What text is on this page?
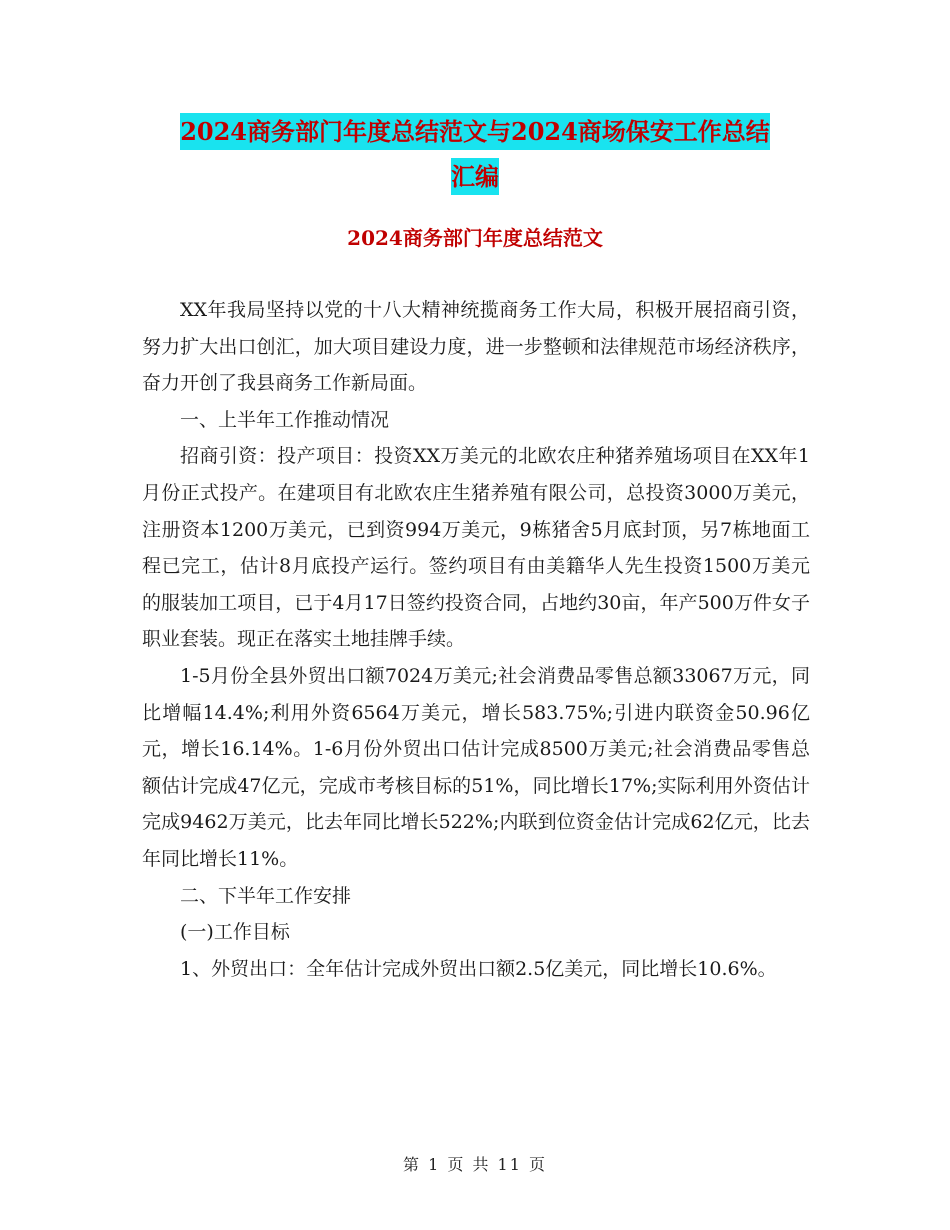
2024商务部门年度总结范文与2024商场保安工作总结
汇编
2024商务部门年度总结范文

XX年我局坚持以党的十八大精神统揽商务工作大局，积极开展招商引资，努力扩大出口创汇，加大项目建设力度，进一步整顿和法律规范市场经济秩序，奋力开创了我县商务工作新局面。

一、上半年工作推动情况

招商引资：投产项目：投资XX万美元的北欧农庄种猪养殖场项目在XX年1月份正式投产。在建项目有北欧农庄生猪养殖有限公司，总投资3000万美元，注册资本1200万美元，已到资994万美元，9栋猪舍5月底封顶，另7栋地面工程已完工，估计8月底投产运行。签约项目有由美籍华人先生投资1500万美元的服装加工项目，已于4月17日签约投资合同，占地约30亩，年产500万件女子职业套装。现正在落实土地挂牌手续。

1-5月份全县外贸出口额7024万美元;社会消费品零售总额33067万元，同比增幅14.4%;利用外资6564万美元，增长583.75%;引进内联资金50.96亿元，增长16.14%。1-6月份外贸出口估计完成8500万美元;社会消费品零售总额估计完成47亿元，完成市考核目标的51%，同比增长17%;实际利用外资估计完成9462万美元，比去年同比增长522%;内联到位资金估计完成62亿元，比去年同比增长11%。

二、下半年工作安排

(一)工作目标

1、外贸出口：全年估计完成外贸出口额2.5亿美元，同比增长10.6%。

第 1 页 共 11 页
